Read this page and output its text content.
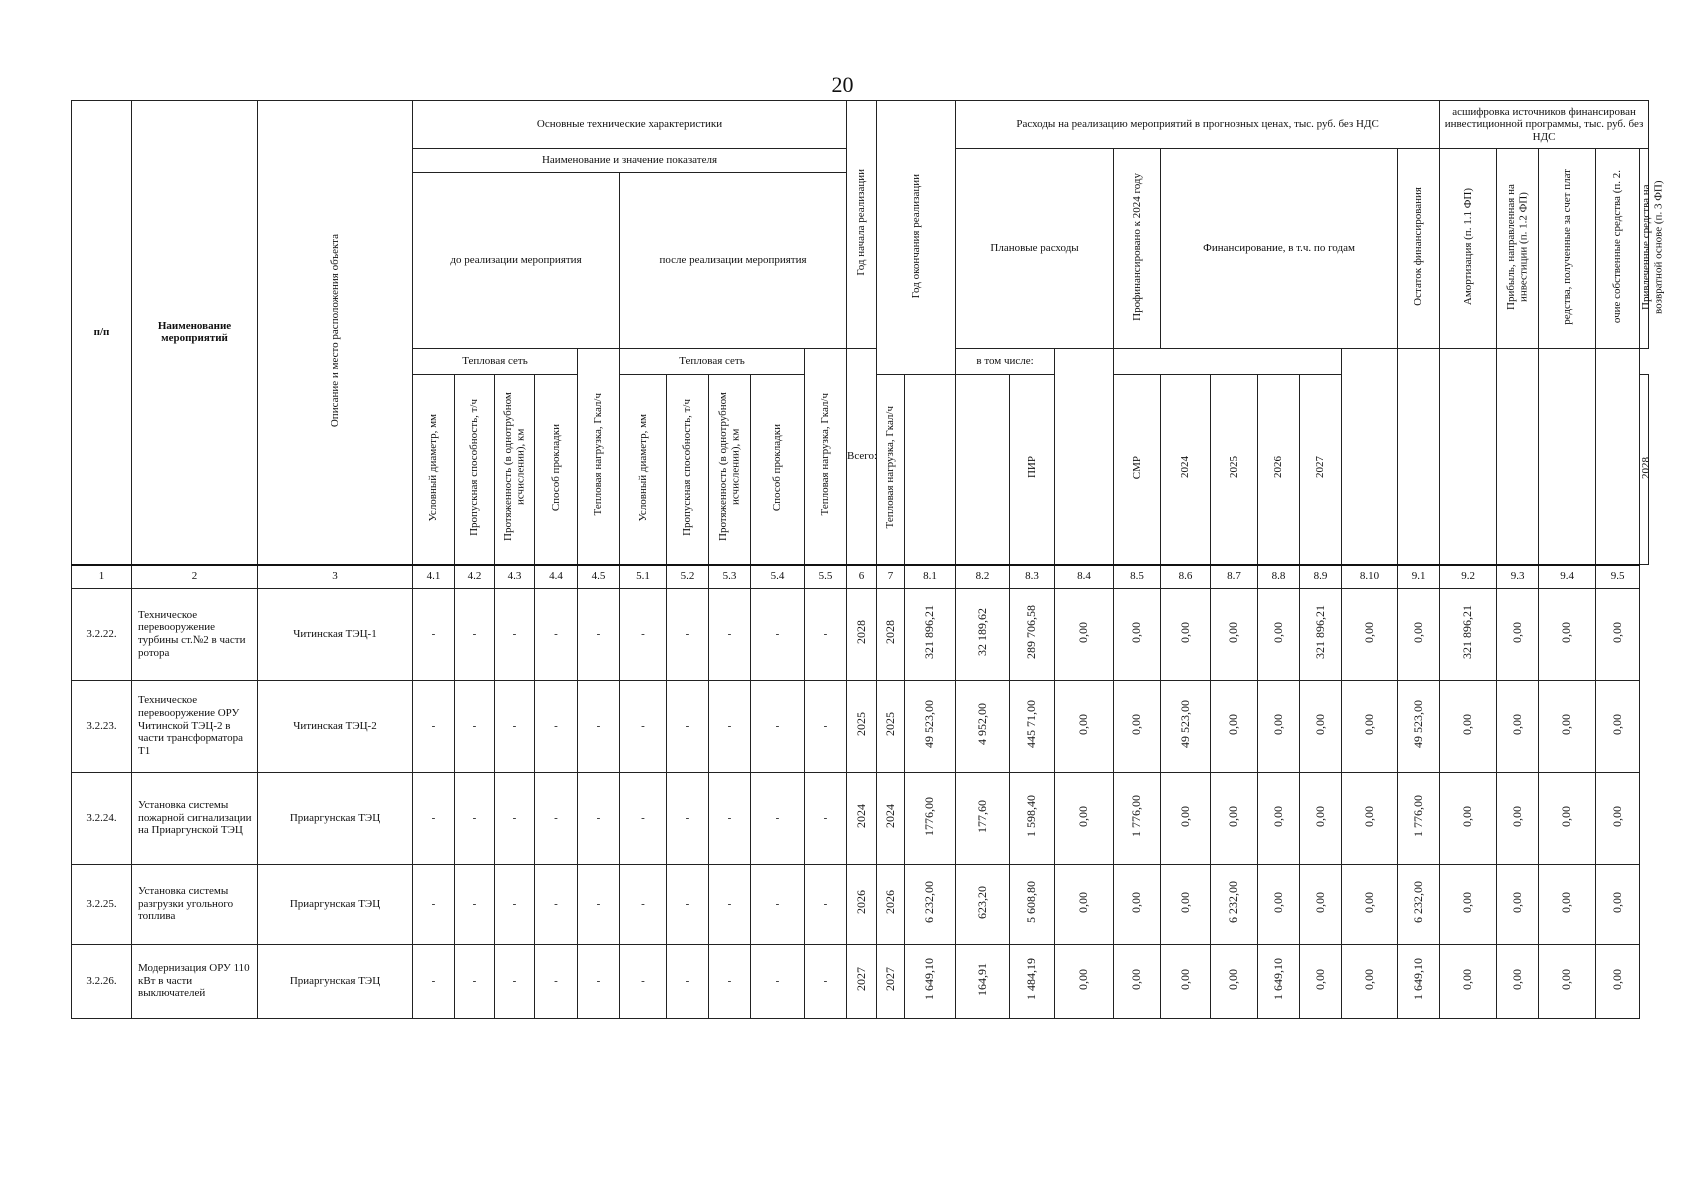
20
п/п	Наименование мероприятий	Описание и место расположения объекта	Основные технические характеристики										Год начала реализации	Год окончания реализации		Расходы на реализацию мероприятий в прогнозных ценах, тыс. руб. без НДС										асшифровка источников финансирован инвестиционной программы, тыс. руб. без НДС				
			Наименование и значение показателя													Плановые расходы			Профинансировано к 2024 году	Финансирование, в т.ч. по годам					Остаток финансирования	Амортизация (п. 1.1 ФП)	Прибыль, направленная на инвестиции (п. 1.2 ФП)	редства, полученные за счет плат	очие собственные средства (п. 2.	Привлеченные средства на возвратной основе (п. 3 ФП)
			до реализации мероприятия					после реализации мероприятия																						
			Тепловая сеть				Тепловая нагрузка, Гкал/ч	Тепловая сеть				Тепловая нагрузка, Гкал/ч	Всего:			в том числе:														
			Условный диаметр, мм	Пропускная способность, т/ч	Протяженность (в однотрубном исчислении), км	Способ прокладки		Условный диаметр, мм	Пропускная способность, т/ч	Протяженность (в однотрубном исчислении), км	Способ прокладки			Тепловая нагрузка, Гкал/ч			ПИР		СМР	2024	2025	2026	2027							2028
1	2	3	4.1	4.2	4.3	4.4	4.5	5.1	5.2	5.3	5.4	5.5	6	7	8.1	8.2	8.3	8.4	8.5	8.6	8.7	8.8	8.9	8.10	9.1	9.2	9.3	9.4	9.5	
3.2.22.	Техническое перевооружение турбины ст.№2 в части ротора	Читинская ТЭЦ-1	-	-	-	-	-	-	-	-	-	-	2028	2028	321 896,21	32 189,62	289 706,58	0,00	0,00	0,00	0,00	0,00	321 896,21	0,00	0,00	321 896,21	0,00	0,00	0,00	
3.2.23.	Техническое перевооружение ОРУ Читинской ТЭЦ-2 в части трансформатора Т1	Читинская ТЭЦ-2	-	-	-	-	-	-	-	-	-	-	2025	2025	49 523,00	4 952,00	445 71,00	0,00	0,00	49 523,00	0,00	0,00	0,00	0,00	49 523,00	0,00	0,00	0,00	0,00	
3.2.24.	Установка системы пожарной сигнализации на Приаргунской ТЭЦ	Приаргунская ТЭЦ	-	-	-	-	-	-	-	-	-	-	2024	2024	1776,00	177,60	1 598,40	0,00	1 776,00	0,00	0,00	0,00	0,00	0,00	1 776,00	0,00	0,00	0,00	0,00	
3.2.25.	Установка системы разгрузки угольного топлива	Приаргунская ТЭЦ	-	-	-	-	-	-	-	-	-	-	2026	2026	6 232,00	623,20	5 608,80	0,00	0,00	0,00	6 232,00	0,00	0,00	0,00	6 232,00	0,00	0,00	0,00	0,00	
3.2.26.	Модернизация ОРУ 110 кВт в части выключателей	Приаргунская ТЭЦ	-	-	-	-	-	-	-	-	-	-	2027	2027	1 649,10	164,91	1 484,19	0,00	0,00	0,00	0,00	1 649,10	0,00	0,00	1 649,10	0,00	0,00	0,00	0,00	
